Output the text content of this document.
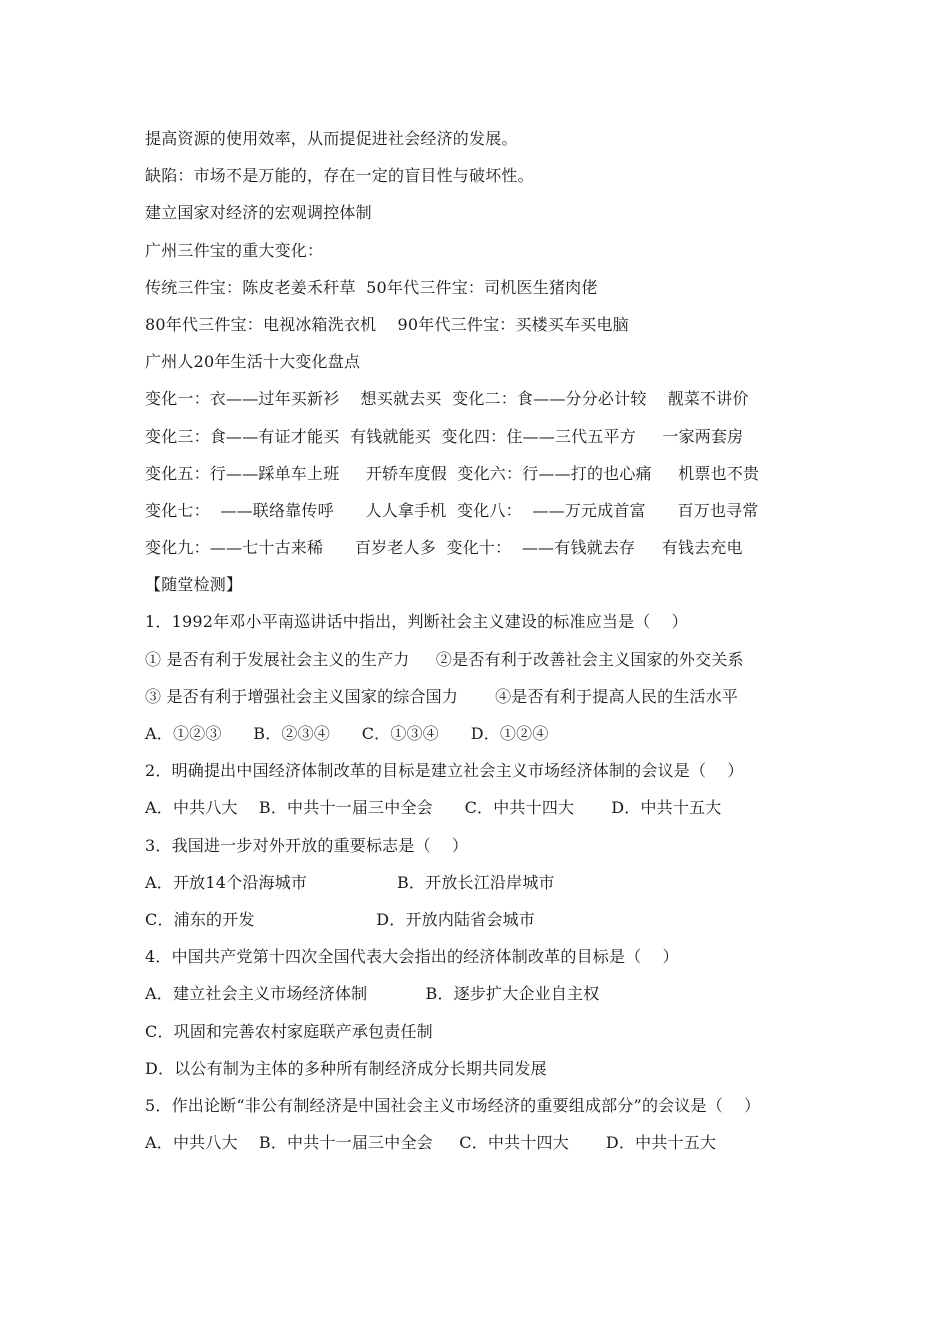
提高资源的使用效率，从而提促进社会经济的发展。
缺陷：市场不是万能的，存在一定的盲目性与破坏性。
建立国家对经济的宏观调控体制
广州三件宝的重大变化：
传统三件宝：陈皮老姜禾秆草  50年代三件宝：司机医生猪肉佬
80年代三件宝：电视冰箱洗衣机    90年代三件宝：买楼买车买电脑
广州人20年生活十大变化盘点
变化一：衣——过年买新衫    想买就去买  变化二：食——分分必计较    靓菜不讲价
变化三：食——有证才能买  有钱就能买  变化四：住——三代五平方     一家两套房
变化五：行——踩单车上班     开轿车度假  变化六：行——打的也心痛     机票也不贵
变化七：  ——联络靠传呼      人人拿手机  变化八：  ——万元成首富      百万也寻常
变化九：——七十古来稀      百岁老人多  变化十：  ——有钱就去存     有钱去充电
【随堂检测】
1．1992年邓小平南巡讲话中指出，判断社会主义建设的标准应当是（    ）
① 是否有利于发展社会主义的生产力     ②是否有利于改善社会主义国家的外交关系
③ 是否有利于增强社会主义国家的综合国力       ④是否有利于提高人民的生活水平
A．①②③      B．②③④      C．①③④      D．①②④
2．明确提出中国经济体制改革的目标是建立社会主义市场经济体制的会议是（    ）
A．中共八大    B．中共十一届三中全会      C．中共十四大       D．中共十五大
3．我国进一步对外开放的重要标志是（    ）
A．开放14个沿海城市                 B．开放长江沿岸城市
C．浦东的开发                       D．开放内陆省会城市
4．中国共产党第十四次全国代表大会指出的经济体制改革的目标是（    ）
A．建立社会主义市场经济体制           B．逐步扩大企业自主权
C．巩固和完善农村家庭联产承包责任制
D．以公有制为主体的多种所有制经济成分长期共同发展
5．作出论断“非公有制经济是中国社会主义市场经济的重要组成部分”的会议是（    ）
A．中共八大    B．中共十一届三中全会     C．中共十四大       D．中共十五大
